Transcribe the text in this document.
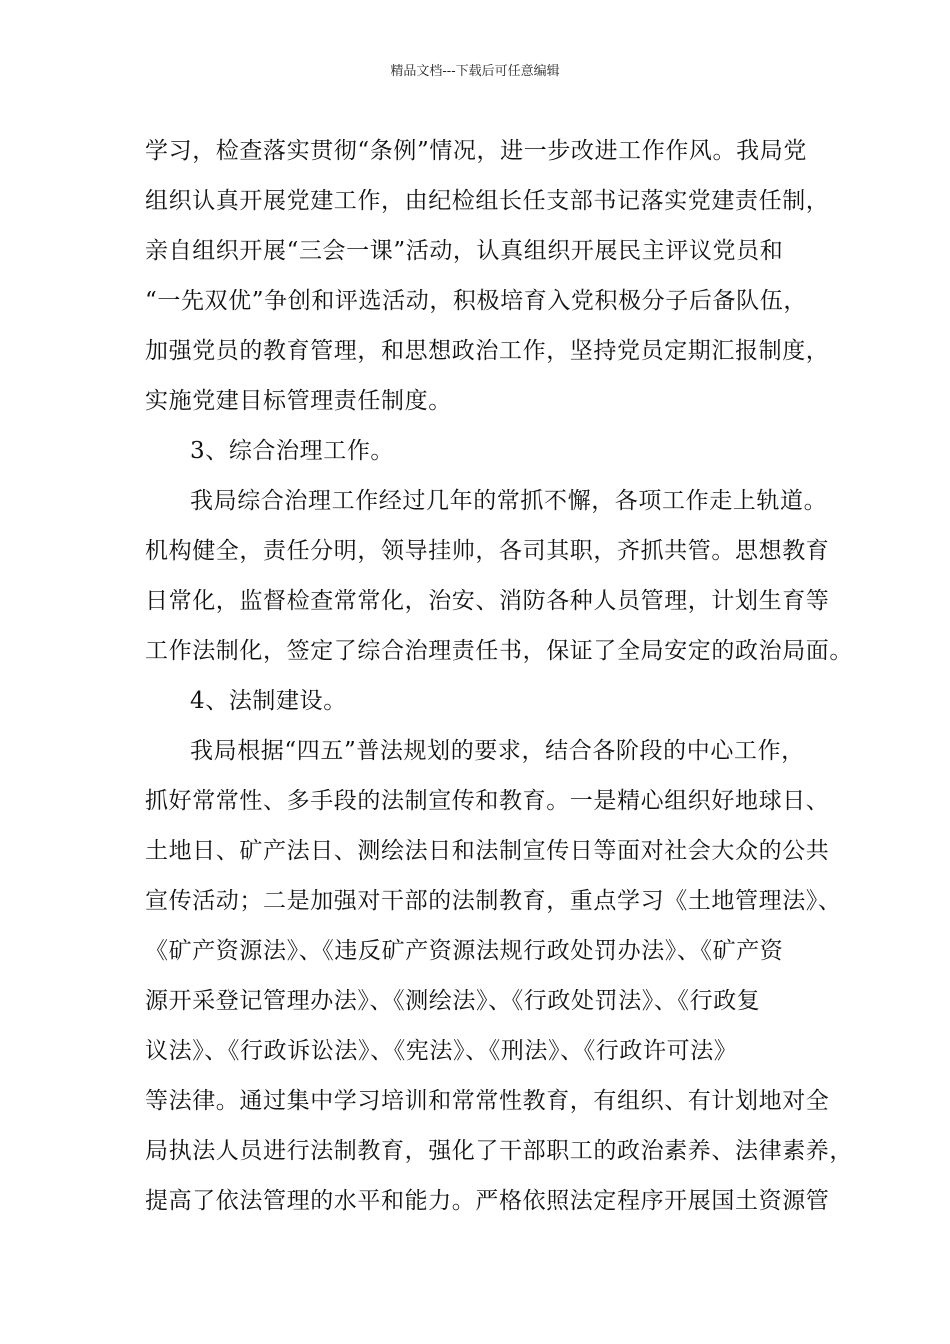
精品文档---下载后可任意编辑
学习，检查落实贯彻“条例”情况，进一步改进工作作风。我局党
组织认真开展党建工作，由纪检组长任支部书记落实党建责任制，
亲自组织开展“三会一课”活动，认真组织开展民主评议党员和
“一先双优”争创和评选活动，积极培育入党积极分子后备队伍，
加强党员的教育管理，和思想政治工作，坚持党员定期汇报制度，
实施党建目标管理责任制度。
3、综合治理工作。
我局综合治理工作经过几年的常抓不懈，各项工作走上轨道。
机构健全，责任分明，领导挂帅，各司其职，齐抓共管。思想教育
日常化，监督检查常常化，治安、消防各种人员管理，计划生育等
工作法制化，签定了综合治理责任书，保证了全局安定的政治局面。
4、法制建设。
我局根据“四五”普法规划的要求，结合各阶段的中心工作，
抓好常常性、多手段的法制宣传和教育。一是精心组织好地球日、
土地日、矿产法日、测绘法日和法制宣传日等面对社会大众的公共
宣传活动；二是加强对干部的法制教育，重点学习《土地管理法》、
《矿产资源法》、《违反矿产资源法规行政处罚办法》、《矿产资
源开采登记管理办法》、《测绘法》、《行政处罚法》、《行政复
议法》、《行政诉讼法》、《宪法》、《刑法》、《行政许可法》
等法律。通过集中学习培训和常常性教育，有组织、有计划地对全
局执法人员进行法制教育，强化了干部职工的政治素养、法律素养，
提高了依法管理的水平和能力。严格依照法定程序开展国土资源管
